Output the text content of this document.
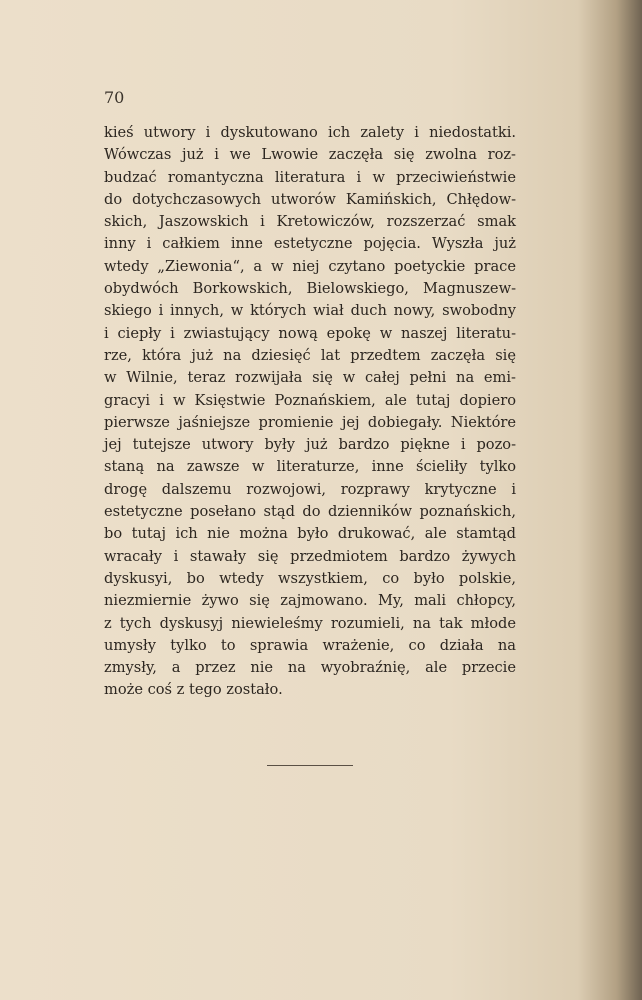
70
kieś utwory i dyskutowano ich zalety i niedostatki.
Wówczas już i we Lwowie zaczęła się zwolna roz-
budzać romantyczna literatura i w przeciwieństwie
do dotychczasowych utworów Kamińskich, Chłędow-
skich, Jaszowskich i Kretowiczów, rozszerzać smak
inny i całkiem inne estetyczne pojęcia. Wyszła już
wtedy „Ziewonia“, a w niej czytano poetyckie prace
obydwóch Borkowskich, Bielowskiego, Magnuszew-
skiego i innych, w których wiał duch nowy, swobodny
i ciepły i zwiastujący nową epokę w naszej literatu-
rze, która już na dziesięć lat przedtem zaczęła się
w Wilnie, teraz rozwijała się w całej pełni na emi-
gracyi i w Księstwie Poznańskiem, ale tutaj dopiero
pierwsze jaśniejsze promienie jej dobiegały. Niektóre
jej tutejsze utwory były już bardzo piękne i pozo-
staną na zawsze w literaturze, inne ścieliły tylko
drogę dalszemu rozwojowi, rozprawy krytyczne i
estetyczne posełano stąd do dzienników poznańskich,
bo tutaj ich nie można było drukować, ale stamtąd
wracały i stawały się przedmiotem bardzo żywych
dyskusyi, bo wtedy wszystkiem, co było polskie,
niezmiernie żywo się zajmowano. My, mali chłopcy,
z tych dyskusyj niewieleśmy rozumieli, na tak młode
umysły tylko to sprawia wrażenie, co działa na
zmysły, a przez nie na wyobraźnię, ale przecie
może coś z tego zostało.
